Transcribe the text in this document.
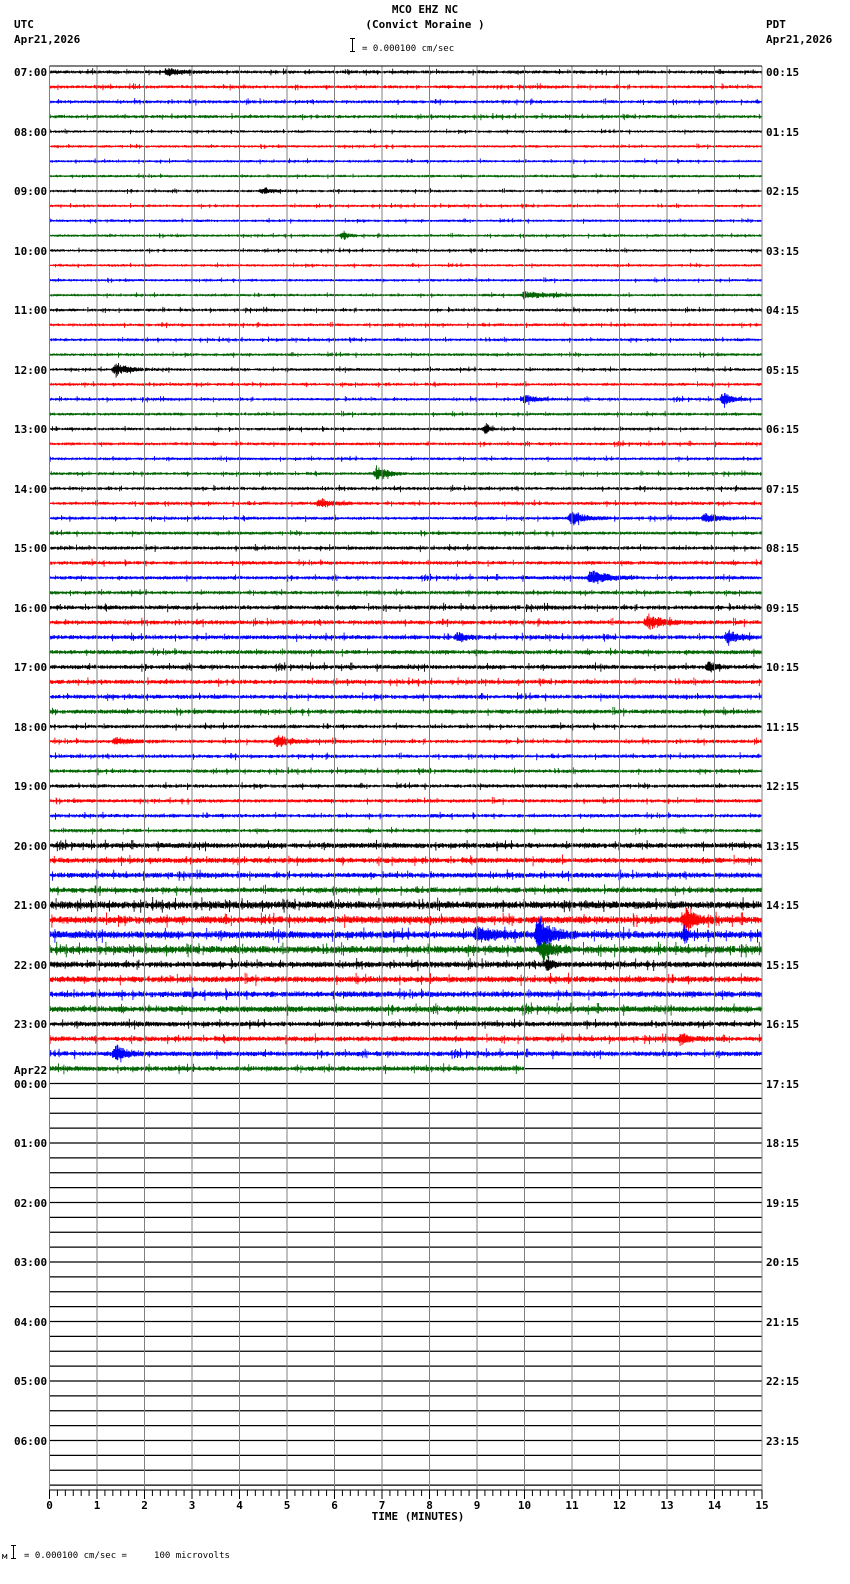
MCO EHZ NC
(Convict Moraine )
= 0.000100 cm/sec
UTC
Apr21,2026
PDT
Apr21,2026
07:00
08:00
09:00
10:00
11:00
12:00
13:00
14:00
15:00
16:00
17:00
18:00
19:00
20:00
21:00
22:00
23:00
00:00
Apr22
01:00
02:00
03:00
04:00
05:00
06:00
00:15
01:15
02:15
03:15
04:15
05:15
06:15
07:15
08:15
09:15
10:15
11:15
12:15
13:15
14:15
15:15
16:15
17:15
18:15
19:15
20:15
21:15
22:15
23:15
0	1	2	3	4	5	6	7	8	9	10	11	12	13	14	15
TIME (MINUTES)
м = 0.000100 cm/sec =     100 microvolts
